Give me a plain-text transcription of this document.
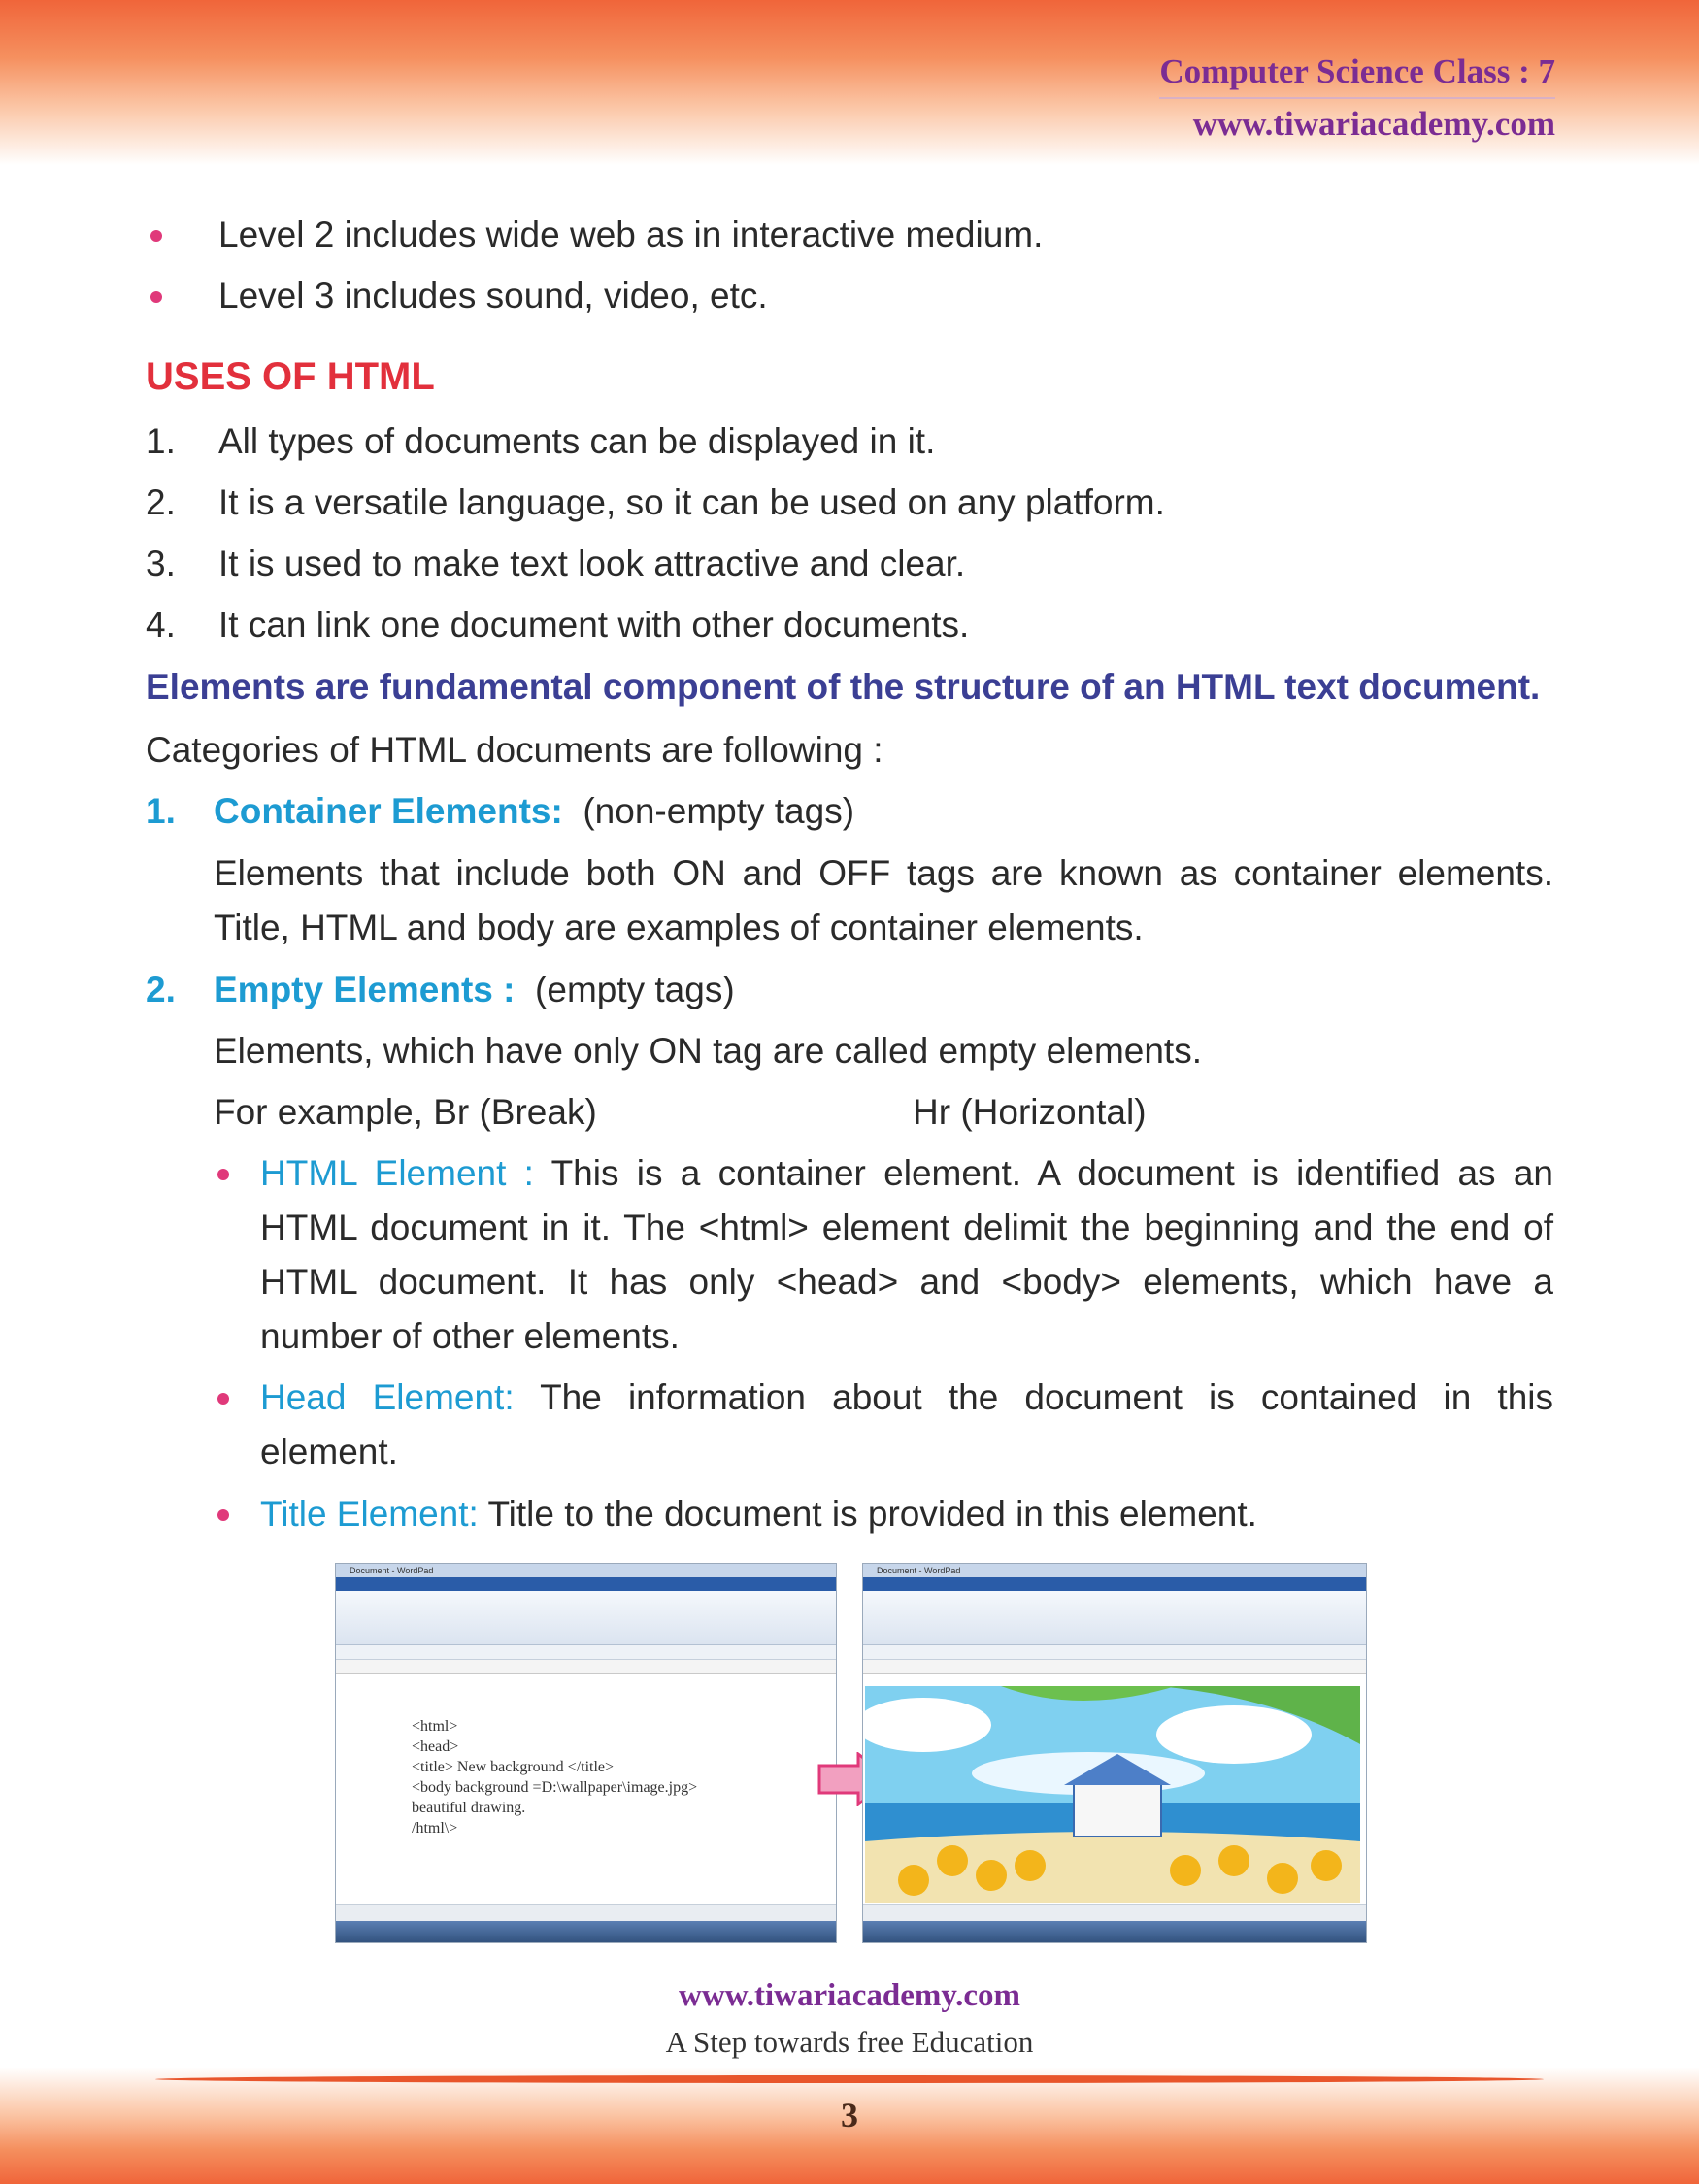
Computer Science Class : 7
www.tiwariacademy.com
Level 2 includes wide web as in interactive medium.
Level 3 includes sound, video, etc.
USES OF HTML
1. All types of documents can be displayed in it.
2. It is a versatile language, so it can be used on any platform.
3. It is used to make text look attractive and clear.
4. It can link one document with other documents.
Elements are fundamental component of the structure of an HTML text document.
Categories of HTML documents are following :
1. Container Elements: (non-empty tags)
Elements that include both ON and OFF tags are known as container elements. Title, HTML and body are examples of container elements.
2. Empty Elements : (empty tags)
Elements, which have only ON tag are called empty elements.
For example, Br (Break)	Hr (Horizontal)
HTML Element : This is a container element. A document is identified as an HTML document in it. The <html> element delimit the beginning and the end of HTML document. It has only <head> and <body> elements, which have a number of other elements.
Head Element: The information about the document is contained in this element.
Title Element: Title to the document is provided in this element.
Document - WordPad

<html>
<head>
<title> New background </title>
<body background =D:\wallpaper\image.jpg>
beautiful drawing.
/html\>

Document - WordPad
www.tiwariacademy.com
A Step towards free Education
3
